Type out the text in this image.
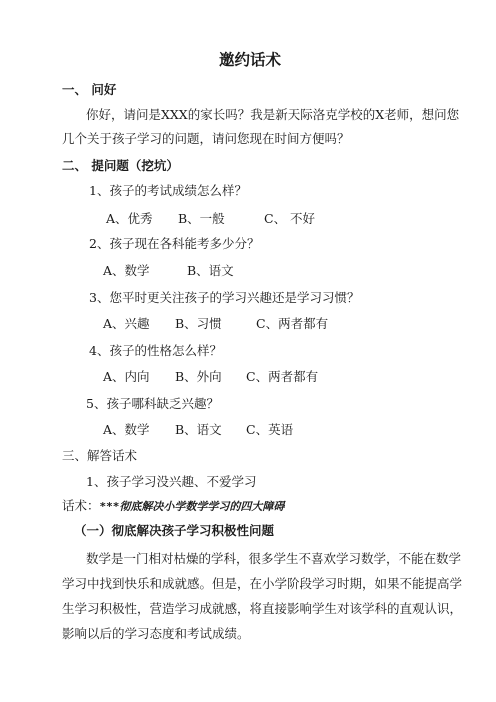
邀约话术
一、 问好
你好，请问是XXX的家长吗？我是新天际洛克学校的X老师，想问您
几个关于孩子学习的问题，请问您现在时间方便吗？
二、 提问题（挖坑）
1、孩子的考试成绩怎么样？
A、优秀 B、一般	C、 不好
2、孩子现在各科能考多少分？
A、数学	B、语文
3、您平时更关注孩子的学习兴趣还是学习习惯？
A、兴趣 B、习惯	C、两者都有
4、孩子的性格怎么样？
A、内向 B、外向 C、两者都有
5、孩子哪科缺乏兴趣？
A、数学 B、语文 C、英语
三、解答话术
1、孩子学习没兴趣、不爱学习
话术：***彻底解决小学数学学习的四大障碍
（一）彻底解决孩子学习积极性问题
数学是一门相对枯燥的学科，很多学生不喜欢学习数学，不能在数学
学习中找到快乐和成就感。但是，在小学阶段学习时期，如果不能提高学
生学习积极性，营造学习成就感，将直接影响学生对该学科的直观认识，
影响以后的学习态度和考试成绩。
